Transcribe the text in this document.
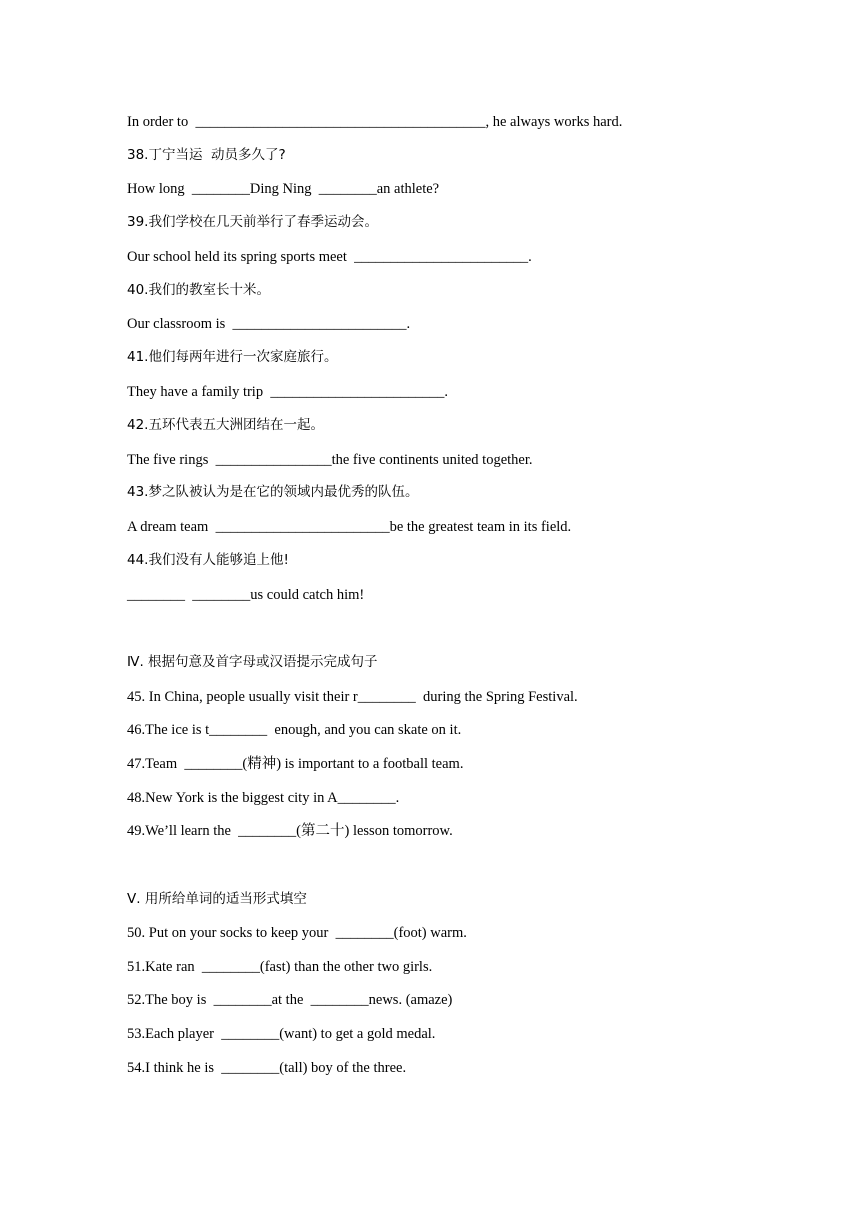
In order to  ________________________________________, he always works hard.
38.丁宁当运  动员多久了?
How long  ________Ding Ning  ________an athlete?
39.我们学校在几天前举行了春季运动会。
Our school held its spring sports meet  ________________________.
40.我们的教室长十米。
Our classroom is  ________________________.
41.他们每两年进行一次家庭旅行。
They have a family trip  ________________________.
42.五环代表五大洲团结在一起。
The five rings  ________________the five continents united together.
43.梦之队被认为是在它的领域内最优秀的队伍。
A dream team  ________________________be the greatest team in its field.
44.我们没有人能够追上他!
________  ________us could catch him!
Ⅳ. 根据句意及首字母或汉语提示完成句子
45. In China, people usually visit their r________  during the Spring Festival.
46.The ice is t________  enough, and you can skate on it.
47.Team  ________(精神) is important to a football team.
48.New York is the biggest city in A________.
49.We’ll learn the  ________(第二十) lesson tomorrow.
Ⅴ. 用所给单词的适当形式填空
50. Put on your socks to keep your  ________(foot) warm.
51.Kate ran  ________(fast) than the other two girls.
52.The boy is  ________at the  ________news. (amaze)
53.Each player  ________(want) to get a gold medal.
54.I think he is  ________(tall) boy of the three.
